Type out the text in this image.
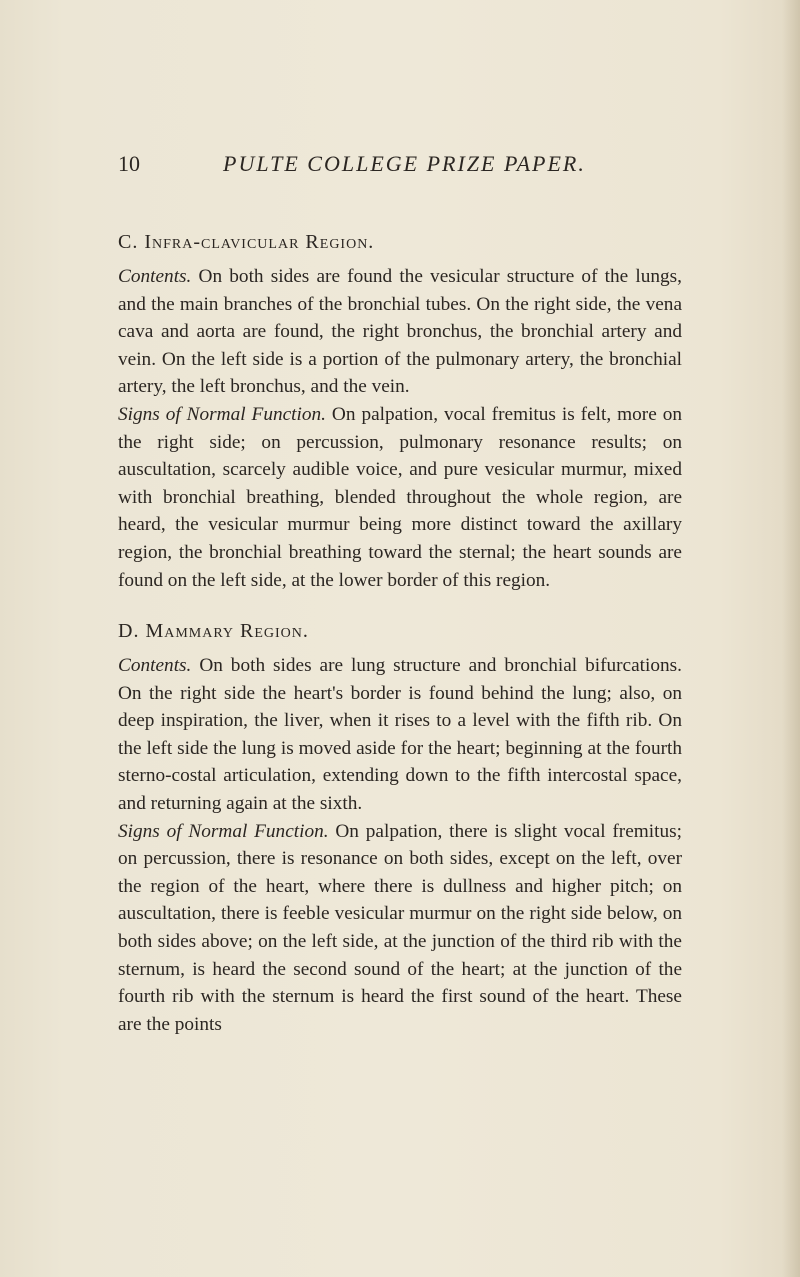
10	PULTE COLLEGE PRIZE PAPER.
C. Infra-clavicular Region.

Contents. On both sides are found the vesicular structure of the lungs, and the main branches of the bronchial tubes. On the right side, the vena cava and aorta are found, the right bronchus, the bronchial artery and vein. On the left side is a portion of the pulmonary artery, the bronchial artery, the left bronchus, and the vein.

Signs of Normal Function. On palpation, vocal fremitus is felt, more on the right side; on percussion, pulmonary resonance results; on auscultation, scarcely audible voice, and pure vesicular murmur, mixed with bronchial breathing, blended throughout the whole region, are heard, the vesicular murmur being more distinct toward the axillary region, the bronchial breathing toward the sternal; the heart sounds are found on the left side, at the lower border of this region.

D. Mammary Region.

Contents. On both sides are lung structure and bronchial bifurcations. On the right side the heart's border is found behind the lung; also, on deep inspiration, the liver, when it rises to a level with the fifth rib. On the left side the lung is moved aside for the heart; beginning at the fourth sterno-costal articulation, extending down to the fifth intercostal space, and returning again at the sixth.

Signs of Normal Function. On palpation, there is slight vocal fremitus; on percussion, there is resonance on both sides, except on the left, over the region of the heart, where there is dullness and higher pitch; on auscultation, there is feeble vesicular murmur on the right side below, on both sides above; on the left side, at the junction of the third rib with the sternum, is heard the second sound of the heart; at the junction of the fourth rib with the sternum is heard the first sound of the heart. These are the points
